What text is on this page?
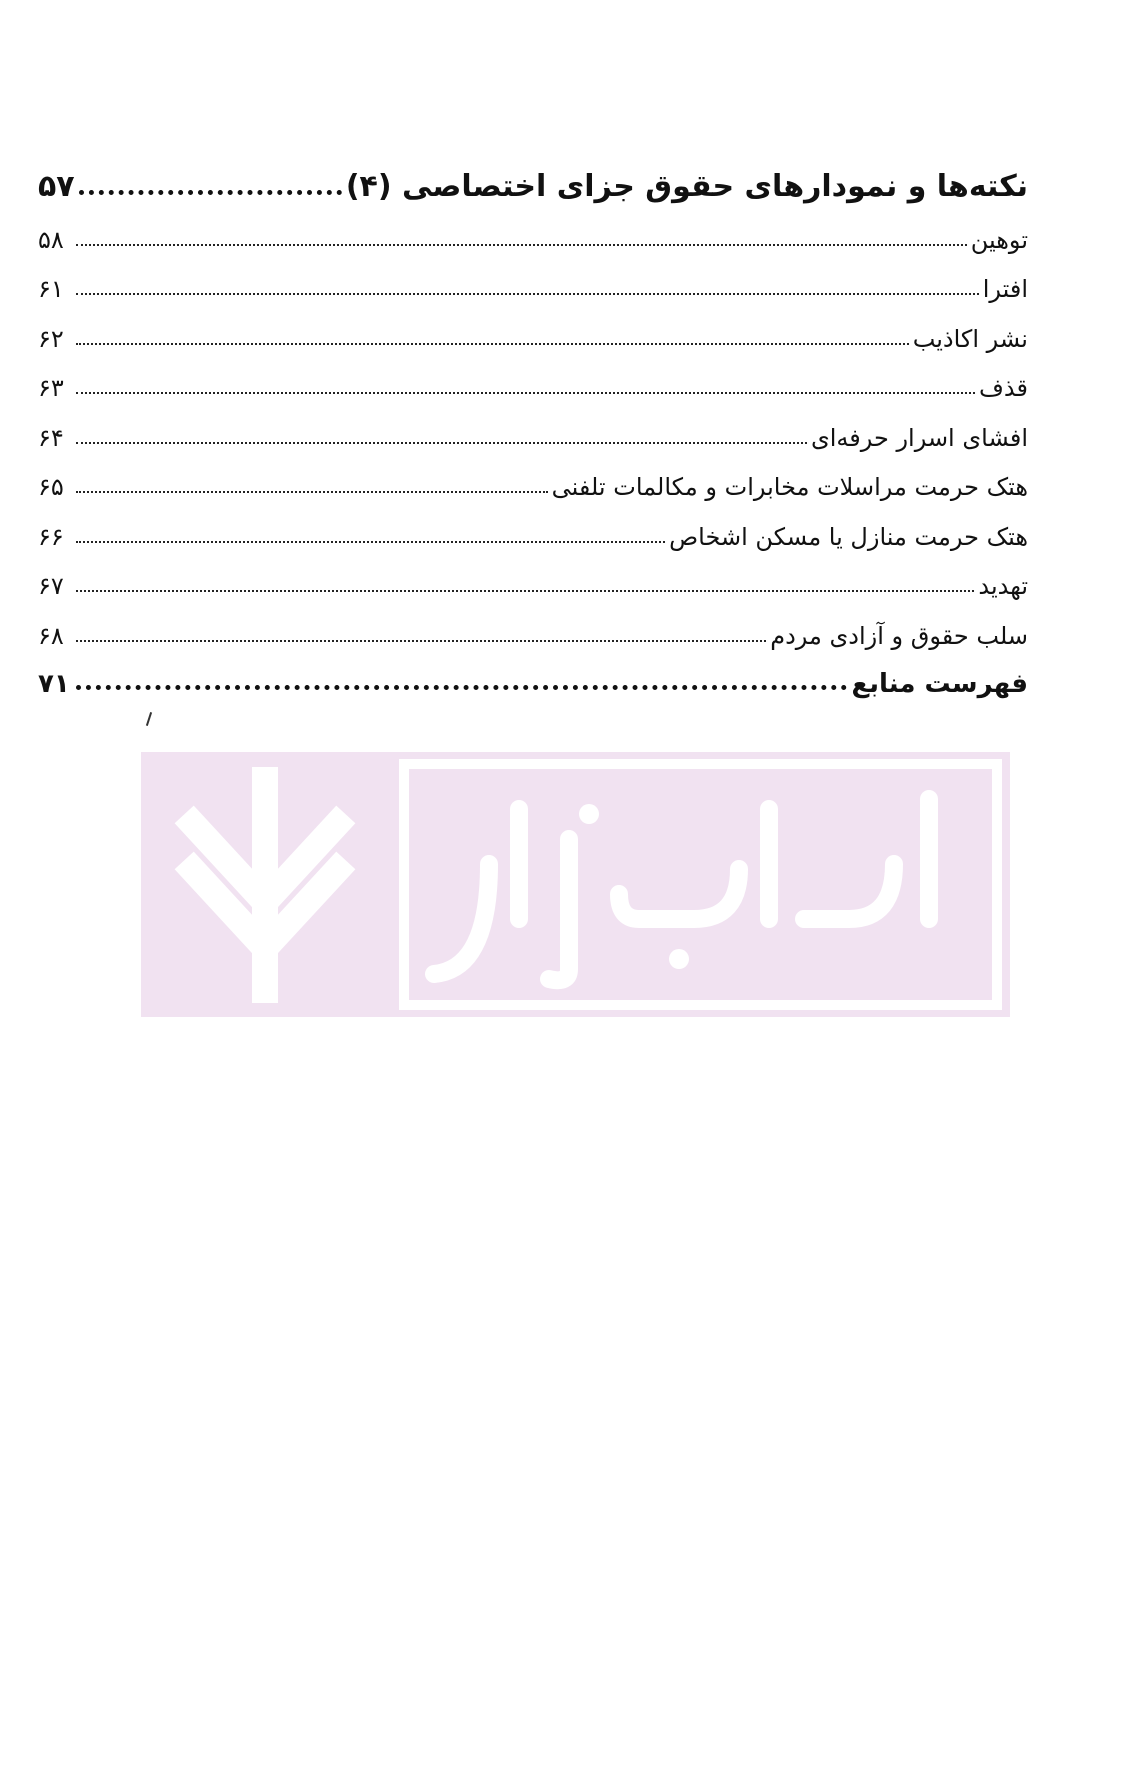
نکته‌ها و نمودارهای حقوق جزای اختصاصی (۴)
۵۷
توهین
۵۸
افترا
۶۱
نشر اکاذیب
۶۲
قذف
۶۳
افشای اسرار حرفه‌ای
۶۴
هتک حرمت مراسلات مخابرات و مکالمات تلفنی
۶۵
هتک حرمت منازل یا مسکن اشخاص
۶۶
تهدید
۶۷
سلب حقوق و آزادی مردم
۶۸
فهرست منابع
۷۱
